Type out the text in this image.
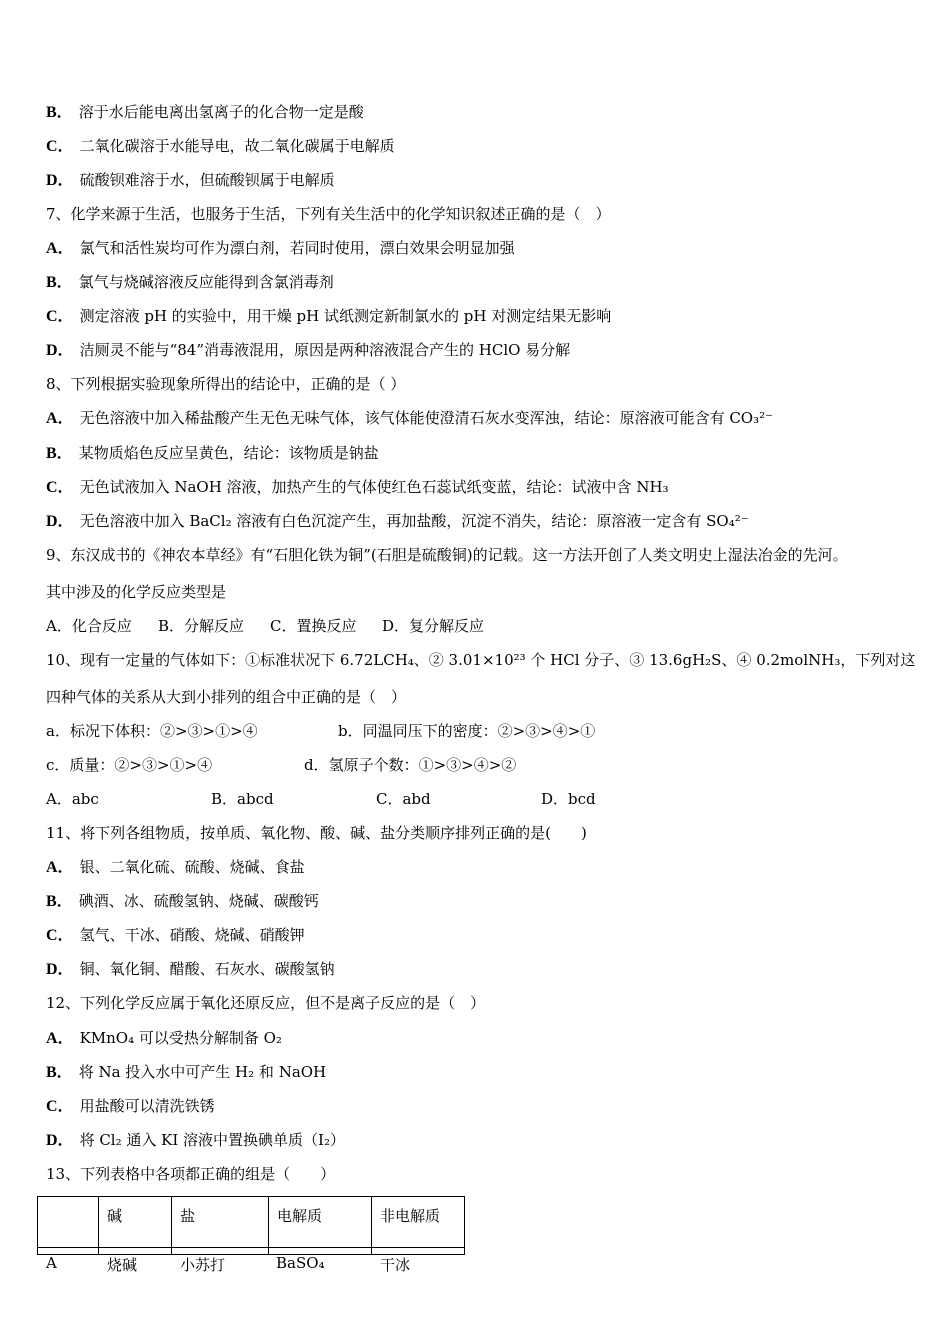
B． 溶于水后能电离出氢离子的化合物一定是酸
C． 二氧化碳溶于水能导电，故二氧化碳属于电解质
D． 硫酸钡难溶于水，但硫酸钡属于电解质
7、化学来源于生活，也服务于生活，下列有关生活中的化学知识叙述正确的是（　）
A． 氯气和活性炭均可作为漂白剂，若同时使用，漂白效果会明显加强
B． 氯气与烧碱溶液反应能得到含氯消毒剂
C． 测定溶液 pH 的实验中，用干燥 pH 试纸测定新制氯水的 pH 对测定结果无影响
D． 洁厕灵不能与“84”消毒液混用，原因是两种溶液混合产生的 HClO 易分解
8、下列根据实验现象所得出的结论中，正确的是（ ）
A． 无色溶液中加入稀盐酸产生无色无味气体，该气体能使澄清石灰水变浑浊，结论：原溶液可能含有 CO₃²⁻
B． 某物质焰色反应呈黄色，结论：该物质是钠盐
C． 无色试液加入 NaOH 溶液，加热产生的气体使红色石蕊试纸变蓝，结论：试液中含 NH₃
D． 无色溶液中加入 BaCl₂ 溶液有白色沉淀产生，再加盐酸，沉淀不消失，结论：原溶液一定含有 SO₄²⁻
9、东汉成书的《神农本草经》有“石胆化铁为铜”(石胆是硫酸铜)的记载。这一方法开创了人类文明史上湿法冶金的先河。
其中涉及的化学反应类型是
10、现有一定量的气体如下：①标准状况下 6.72LCH₄、② 3.01×10²³ 个 HCl 分子、③ 13.6gH₂S、④ 0.2molNH₃，下列对这
四种气体的关系从大到小排列的组合中正确的是（　）
11、将下列各组物质，按单质、氧化物、酸、碱、盐分类顺序排列正确的是(　　)
A． 银、二氧化硫、硫酸、烧碱、食盐
B． 碘酒、冰、硫酸氢钠、烧碱、碳酸钙
C． 氢气、干冰、硝酸、烧碱、硝酸钾
D． 铜、氧化铜、醋酸、石灰水、碳酸氢钠
12、下列化学反应属于氧化还原反应，但不是离子反应的是（　）
A． KMnO₄ 可以受热分解制备 O₂
B． 将 Na 投入水中可产生 H₂ 和 NaOH
C． 用盐酸可以清洗铁锈
D． 将 Cl₂ 通入 KI 溶液中置换碘单质（I₂）
13、下列表格中各项都正确的组是（　　）
A．化合反应 B．分解反应 C．置换反应 D．复分解反应
a．标况下体积：②>③>①>④	b．同温同压下的密度：②>③>④>①
c．质量：②>③>①>④	d．氢原子个数：①>③>④>②
A．abc	B．abcd	C．abd	D．bcd
	碱	盐	电解质	非电解质

A	烧碱	小苏打	BaSO₄	干冰
